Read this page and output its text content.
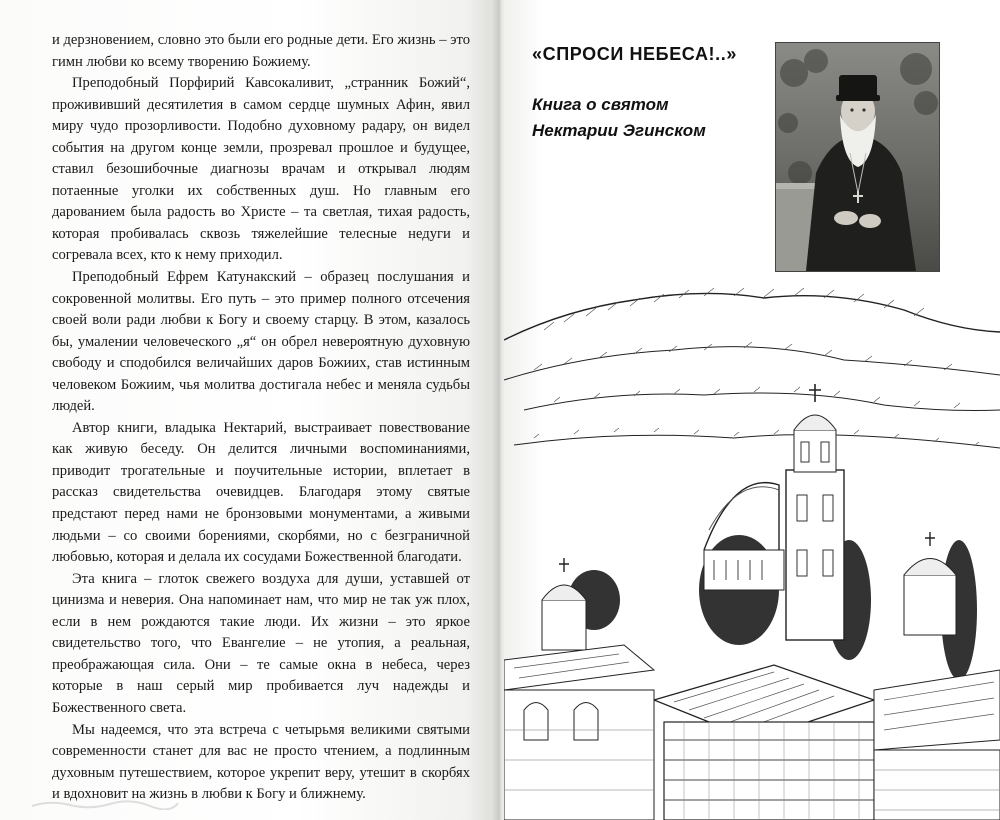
и дерзновением, словно это были его родные дети. Его жизнь – это гимн любви ко всему творению Божиему.

Преподобный Порфирий Кавсокаливит, „странник Божий“, прожививший десятилетия в самом сердце шумных Афин, явил миру чудо прозорливости. Подобно духовному радару, он видел события на другом конце земли, прозревал прошлое и будущее, ставил безошибочные диагнозы врачам и открывал людям потаенные уголки их собственных душ. Но главным его дарованием была радость во Христе – та светлая, тихая радость, которая пробивалась сквозь тяжелейшие телесные недуги и согревала всех, кто к нему приходил.

Преподобный Ефрем Катунакский – образец послушания и сокровенной молитвы. Его путь – это пример полного отсечения своей воли ради любви к Богу и своему старцу. В этом, казалось бы, умалении человеческого „я“ он обрел невероятную духовную свободу и сподобился величайших даров Божиих, став истинным человеком Божиим, чья молитва достигала небес и меняла судьбы людей.

Автор книги, владыка Нектарий, выстраивает повествование как живую беседу. Он делится личными воспоминаниями, приводит трогательные и поучительные истории, вплетает в рассказ свидетельства очевидцев. Благодаря этому святые предстают перед нами не бронзовыми монументами, а живыми людьми – со своими борениями, скорбями, но с безграничной любовью, которая и делала их сосудами Божественной благодати.

Эта книга – глоток свежего воздуха для души, уставшей от цинизма и неверия. Она напоминает нам, что мир не так уж плох, если в нем рождаются такие люди. Их жизни – это яркое свидетельство того, что Евангелие – не утопия, а реальная, преображающая сила. Они – те самые окна в небеса, через которые в наш серый мир пробивается луч надежды и Божественного света.

Мы надеемся, что эта встреча с четырьмя великими святыми современности станет для вас не просто чтением, а подлинным духовным путешествием, которое укрепит веру, утешит в скорбях и вдохновит на жизнь в любви к Богу и ближнему.

«СПРОСИ НЕБЕСА!..»
Книга о святом
Нектарии Эгинском
